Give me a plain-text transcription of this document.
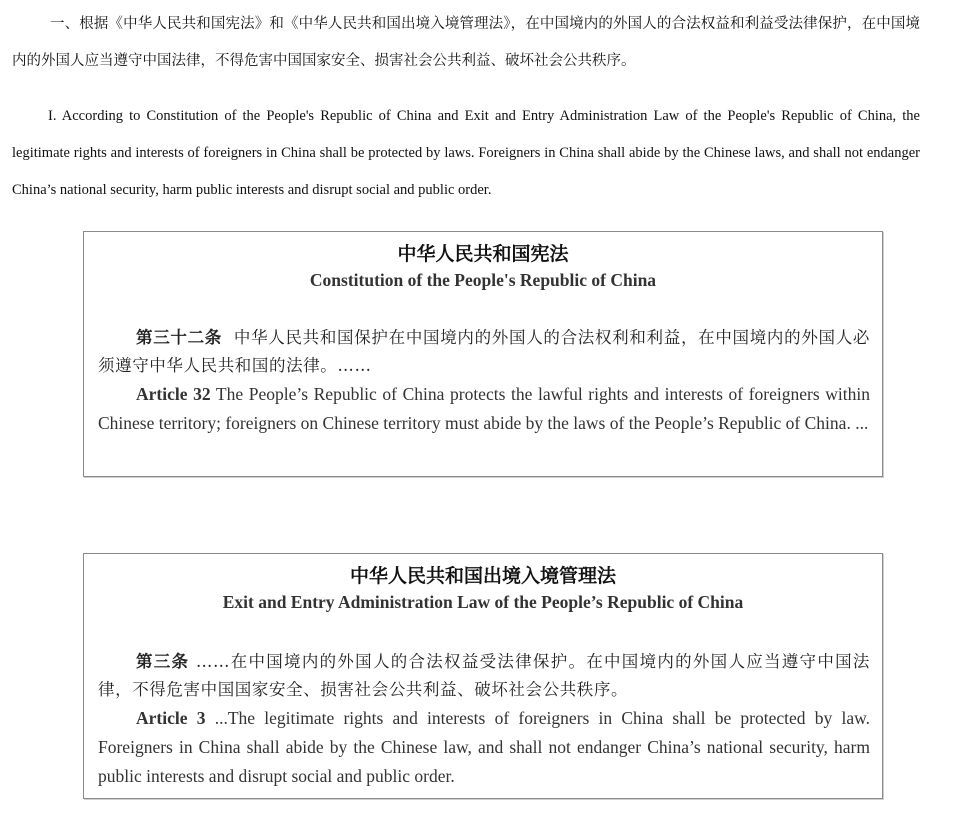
一、根据《中华人民共和国宪法》和《中华人民共和国出境入境管理法》，在中国境内的外国人的合法权益和利益受法律保护，在中国境内的外国人应当遵守中国法律，不得危害中国国家安全、损害社会公共利益、破坏社会公共秩序。
I. According to Constitution of the People's Republic of China and Exit and Entry Administration Law of the People's Republic of China, the legitimate rights and interests of foreigners in China shall be protected by laws. Foreigners in China shall abide by the Chinese laws, and shall not endanger China’s national security, harm public interests and disrupt social and public order.
中华人民共和国宪法
Constitution of the People's Republic of China
第三十二条 中华人民共和国保护在中国境内的外国人的合法权利和利益，在中国境内的外国人必须遵守中华人民共和国的法律。……
Article 32 The People’s Republic of China protects the lawful rights and interests of foreigners within Chinese territory; foreigners on Chinese territory must abide by the laws of the People’s Republic of China. ...
中华人民共和国出境入境管理法
Exit and Entry Administration Law of the People’s Republic of China
第三条 ……在中国境内的外国人的合法权益受法律保护。在中国境内的外国人应当遵守中国法律，不得危害中国国家安全、损害社会公共利益、破坏社会公共秩序。
Article 3 ...The legitimate rights and interests of foreigners in China shall be protected by law. Foreigners in China shall abide by the Chinese law, and shall not endanger China’s national security, harm public interests and disrupt social and public order.
